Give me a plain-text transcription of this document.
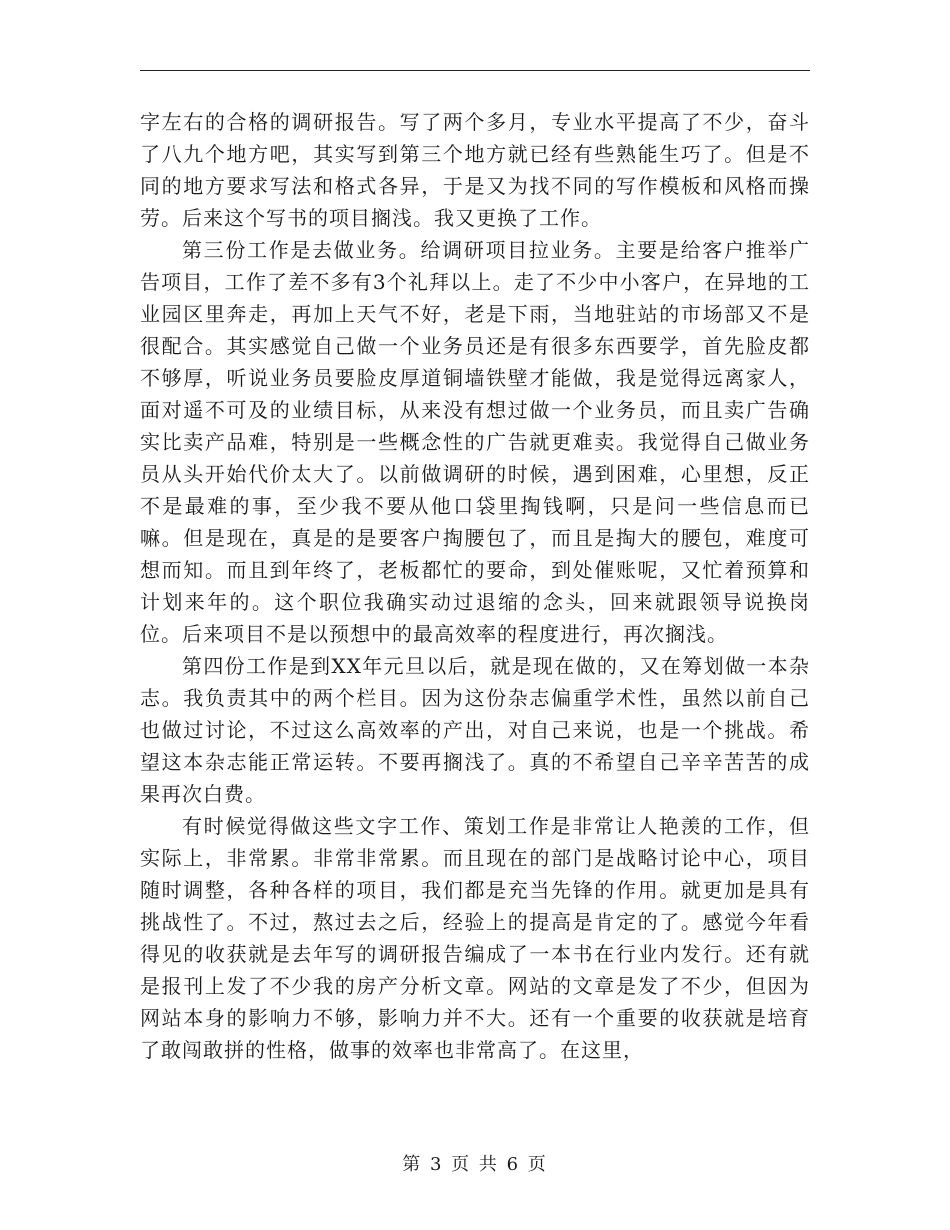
字左右的合格的调研报告。写了两个多月，专业水平提高了不少，奋斗了八九个地方吧，其实写到第三个地方就已经有些熟能生巧了。但是不同的地方要求写法和格式各异，于是又为找不同的写作模板和风格而操劳。后来这个写书的项目搁浅。我又更换了工作。

第三份工作是去做业务。给调研项目拉业务。主要是给客户推举广告项目，工作了差不多有3个礼拜以上。走了不少中小客户，在异地的工业园区里奔走，再加上天气不好，老是下雨，当地驻站的市场部又不是很配合。其实感觉自己做一个业务员还是有很多东西要学，首先脸皮都不够厚，听说业务员要脸皮厚道铜墙铁壁才能做，我是觉得远离家人，面对遥不可及的业绩目标，从来没有想过做一个业务员，而且卖广告确实比卖产品难，特别是一些概念性的广告就更难卖。我觉得自己做业务员从头开始代价太大了。以前做调研的时候，遇到困难，心里想，反正不是最难的事，至少我不要从他口袋里掏钱啊，只是问一些信息而已嘛。但是现在，真是的是要客户掏腰包了，而且是掏大的腰包，难度可想而知。而且到年终了，老板都忙的要命，到处催账呢，又忙着预算和计划来年的。这个职位我确实动过退缩的念头，回来就跟领导说换岗位。后来项目不是以预想中的最高效率的程度进行，再次搁浅。

第四份工作是到XX年元旦以后，就是现在做的，又在筹划做一本杂志。我负责其中的两个栏目。因为这份杂志偏重学术性，虽然以前自己也做过讨论，不过这么高效率的产出，对自己来说，也是一个挑战。希望这本杂志能正常运转。不要再搁浅了。真的不希望自己辛辛苦苦的成果再次白费。

有时候觉得做这些文字工作、策划工作是非常让人艳羡的工作，但实际上，非常累。非常非常累。而且现在的部门是战略讨论中心，项目随时调整，各种各样的项目，我们都是充当先锋的作用。就更加是具有挑战性了。不过，熬过去之后，经验上的提高是肯定的了。感觉今年看得见的收获就是去年写的调研报告编成了一本书在行业内发行。还有就是报刊上发了不少我的房产分析文章。网站的文章是发了不少，但因为网站本身的影响力不够，影响力并不大。还有一个重要的收获就是培育了敢闯敢拼的性格，做事的效率也非常高了。在这里，

第 3 页 共 6 页
